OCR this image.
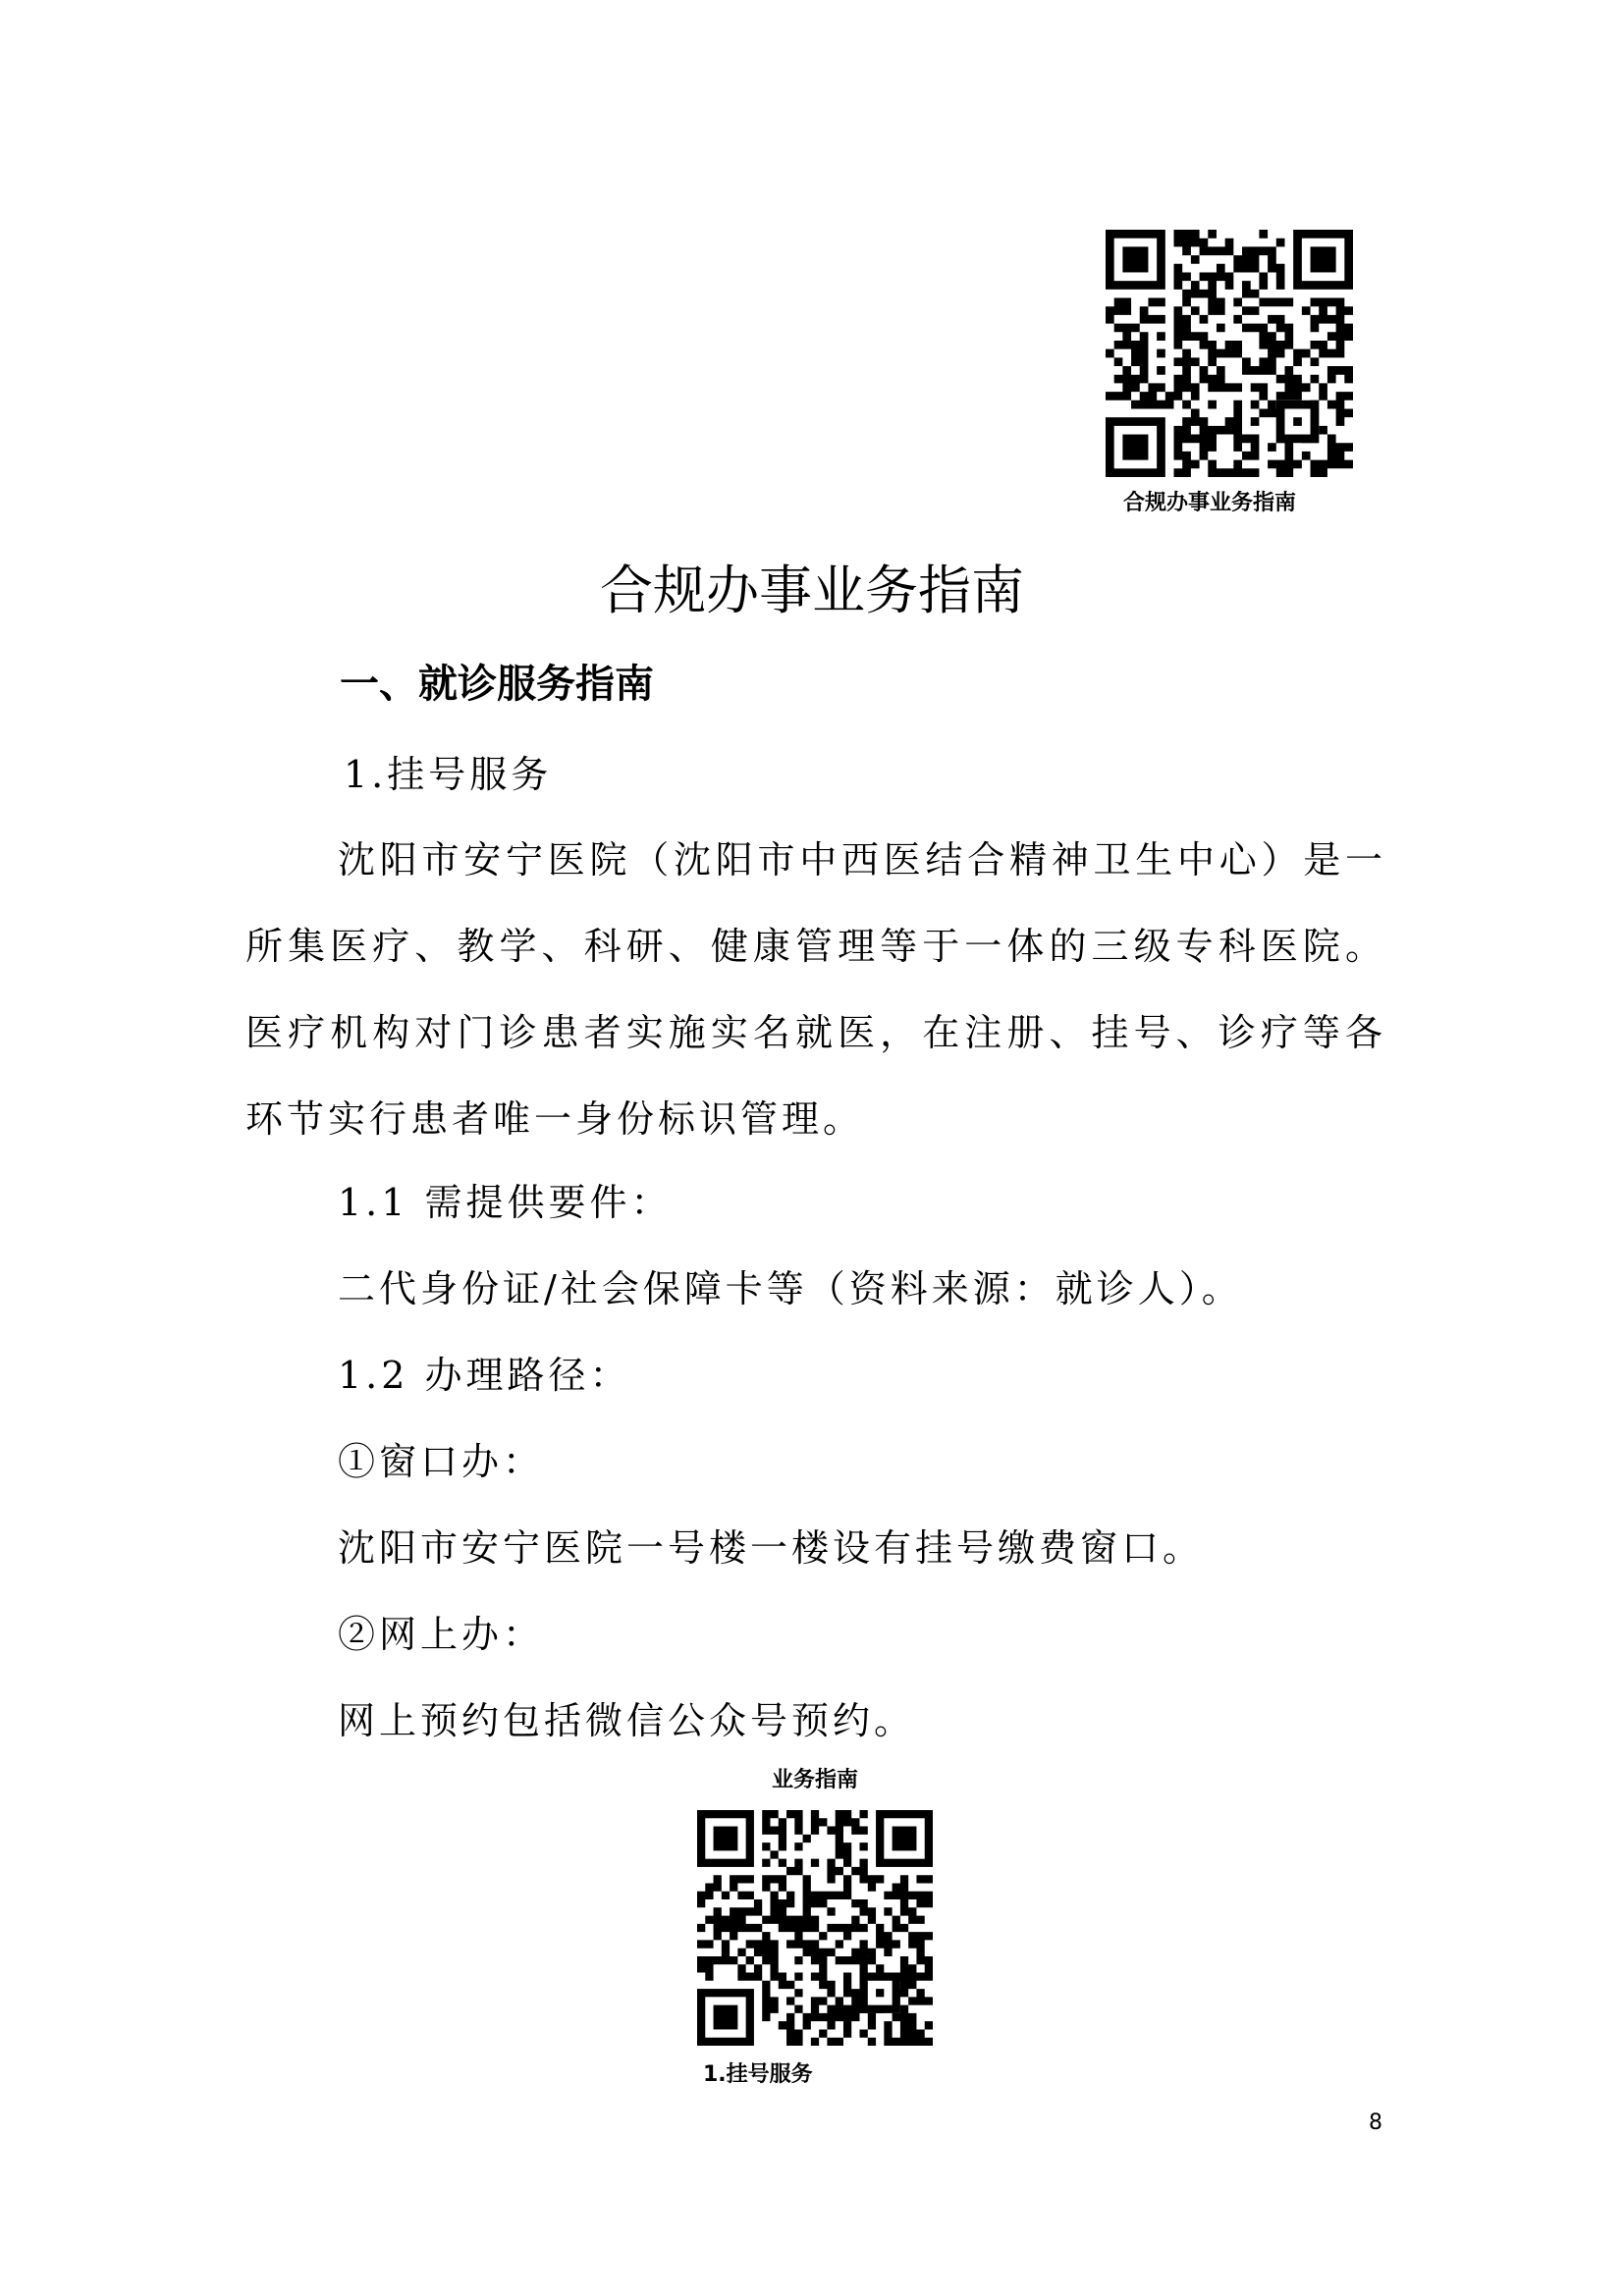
合规办事业务指南
合规办事业务指南
一、就诊服务指南
1.挂号服务

沈阳市安宁医院（沈阳市中西医结合精神卫生中心）是一所集医疗、教学、科研、健康管理等于一体的三级专科医院。医疗机构对门诊患者实施实名就医，在注册、挂号、诊疗等各环节实行患者唯一身份标识管理。

1.1 需提供要件：
二代身份证/社会保障卡等（资料来源：就诊人）。
1.2 办理路径：
①窗口办：
沈阳市安宁医院一号楼一楼设有挂号缴费窗口。
②网上办：
网上预约包括微信公众号预约。
业务指南
1.挂号服务
8
